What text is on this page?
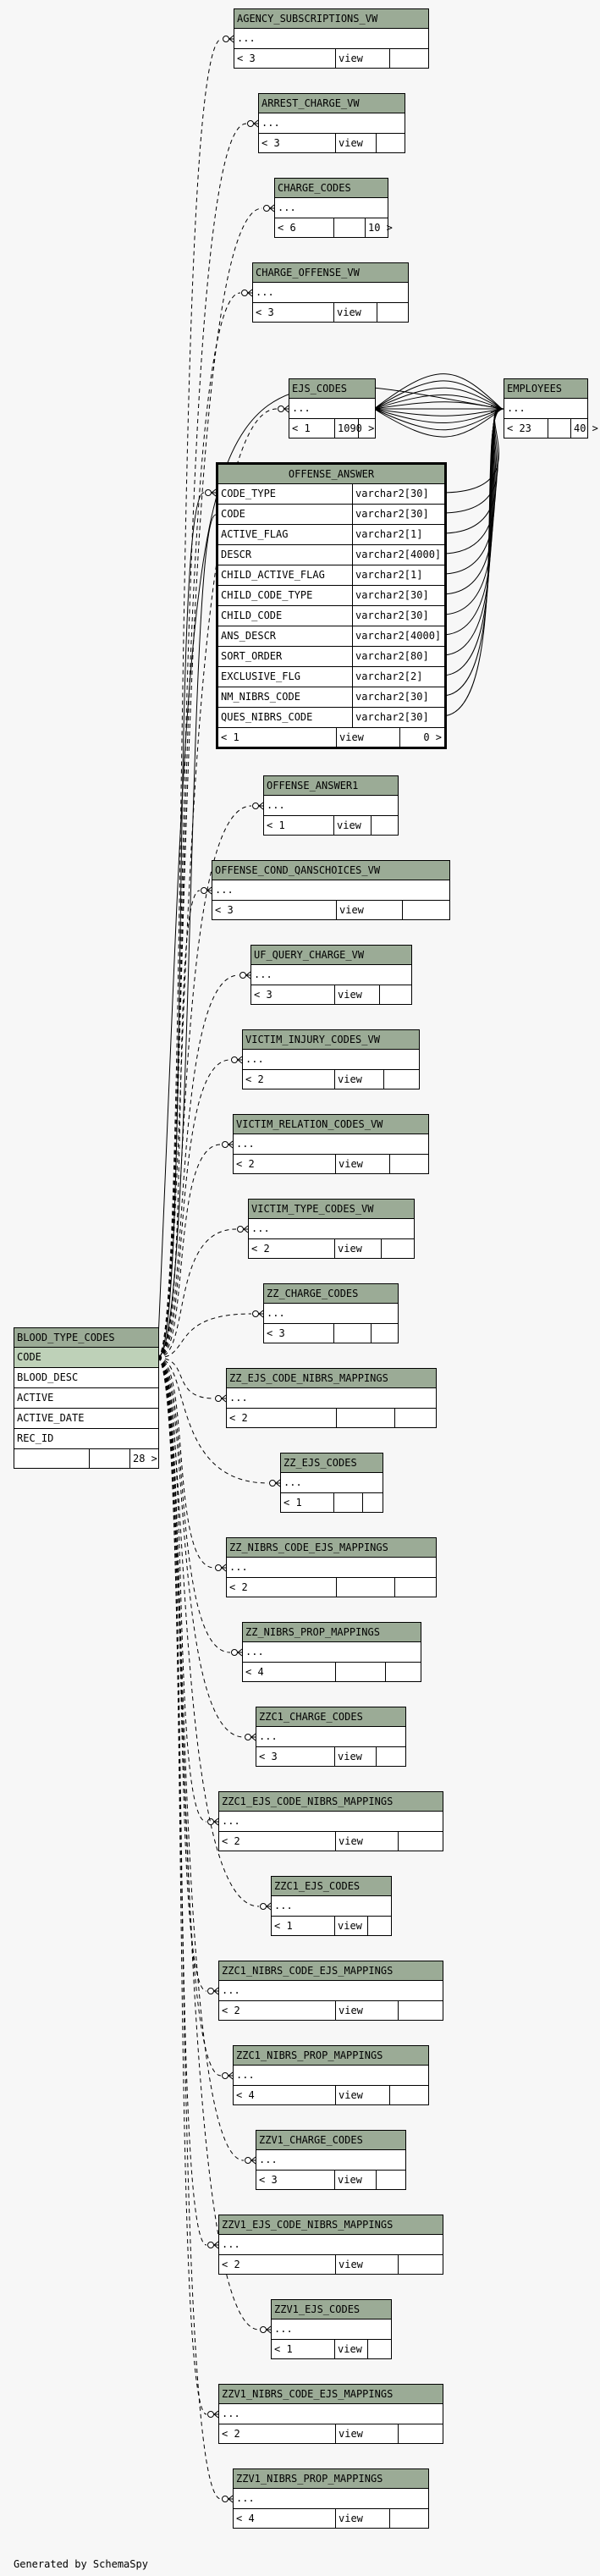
AGENCY_SUBSCRIPTIONS_VW
...
< 3	view
ARREST_CHARGE_VW
...
< 3	view
CHARGE_CODES
...
< 6	10 >
CHARGE_OFFENSE_VW
...
< 3	view
EJS_CODES
...
< 1	1090 >
EMPLOYEES
...
< 23	40 >
OFFENSE_ANSWER
CODE_TYPE	varchar2[30]
CODE	varchar2[30]
ACTIVE_FLAG	varchar2[1]
DESCR	varchar2[4000]
CHILD_ACTIVE_FLAG	varchar2[1]
CHILD_CODE_TYPE	varchar2[30]
CHILD_CODE	varchar2[30]
ANS_DESCR	varchar2[4000]
SORT_ORDER	varchar2[80]
EXCLUSIVE_FLG	varchar2[2]
NM_NIBRS_CODE	varchar2[30]
QUES_NIBRS_CODE	varchar2[30]
< 1	view	0 >
OFFENSE_ANSWER1
...
< 1	view
OFFENSE_COND_QANSCHOICES_VW
...
< 3	view
UF_QUERY_CHARGE_VW
...
< 3	view
VICTIM_INJURY_CODES_VW
...
< 2	view
VICTIM_RELATION_CODES_VW
...
< 2	view
VICTIM_TYPE_CODES_VW
...
< 2	view
ZZ_CHARGE_CODES
...
< 3
ZZ_EJS_CODE_NIBRS_MAPPINGS
...
< 2
ZZ_EJS_CODES
...
< 1
ZZ_NIBRS_CODE_EJS_MAPPINGS
...
< 2
ZZ_NIBRS_PROP_MAPPINGS
...
< 4
ZZC1_CHARGE_CODES
...
< 3	view
ZZC1_EJS_CODE_NIBRS_MAPPINGS
...
< 2	view
ZZC1_EJS_CODES
...
< 1	view
ZZC1_NIBRS_CODE_EJS_MAPPINGS
...
< 2	view
ZZC1_NIBRS_PROP_MAPPINGS
...
< 4	view
ZZV1_CHARGE_CODES
...
< 3	view
ZZV1_EJS_CODE_NIBRS_MAPPINGS
...
< 2	view
ZZV1_EJS_CODES
...
< 1	view
ZZV1_NIBRS_CODE_EJS_MAPPINGS
...
< 2	view
ZZV1_NIBRS_PROP_MAPPINGS
...
< 4	view
BLOOD_TYPE_CODES
CODE
BLOOD_DESC
ACTIVE
ACTIVE_DATE
REC_ID
28 >
Generated by SchemaSpy
